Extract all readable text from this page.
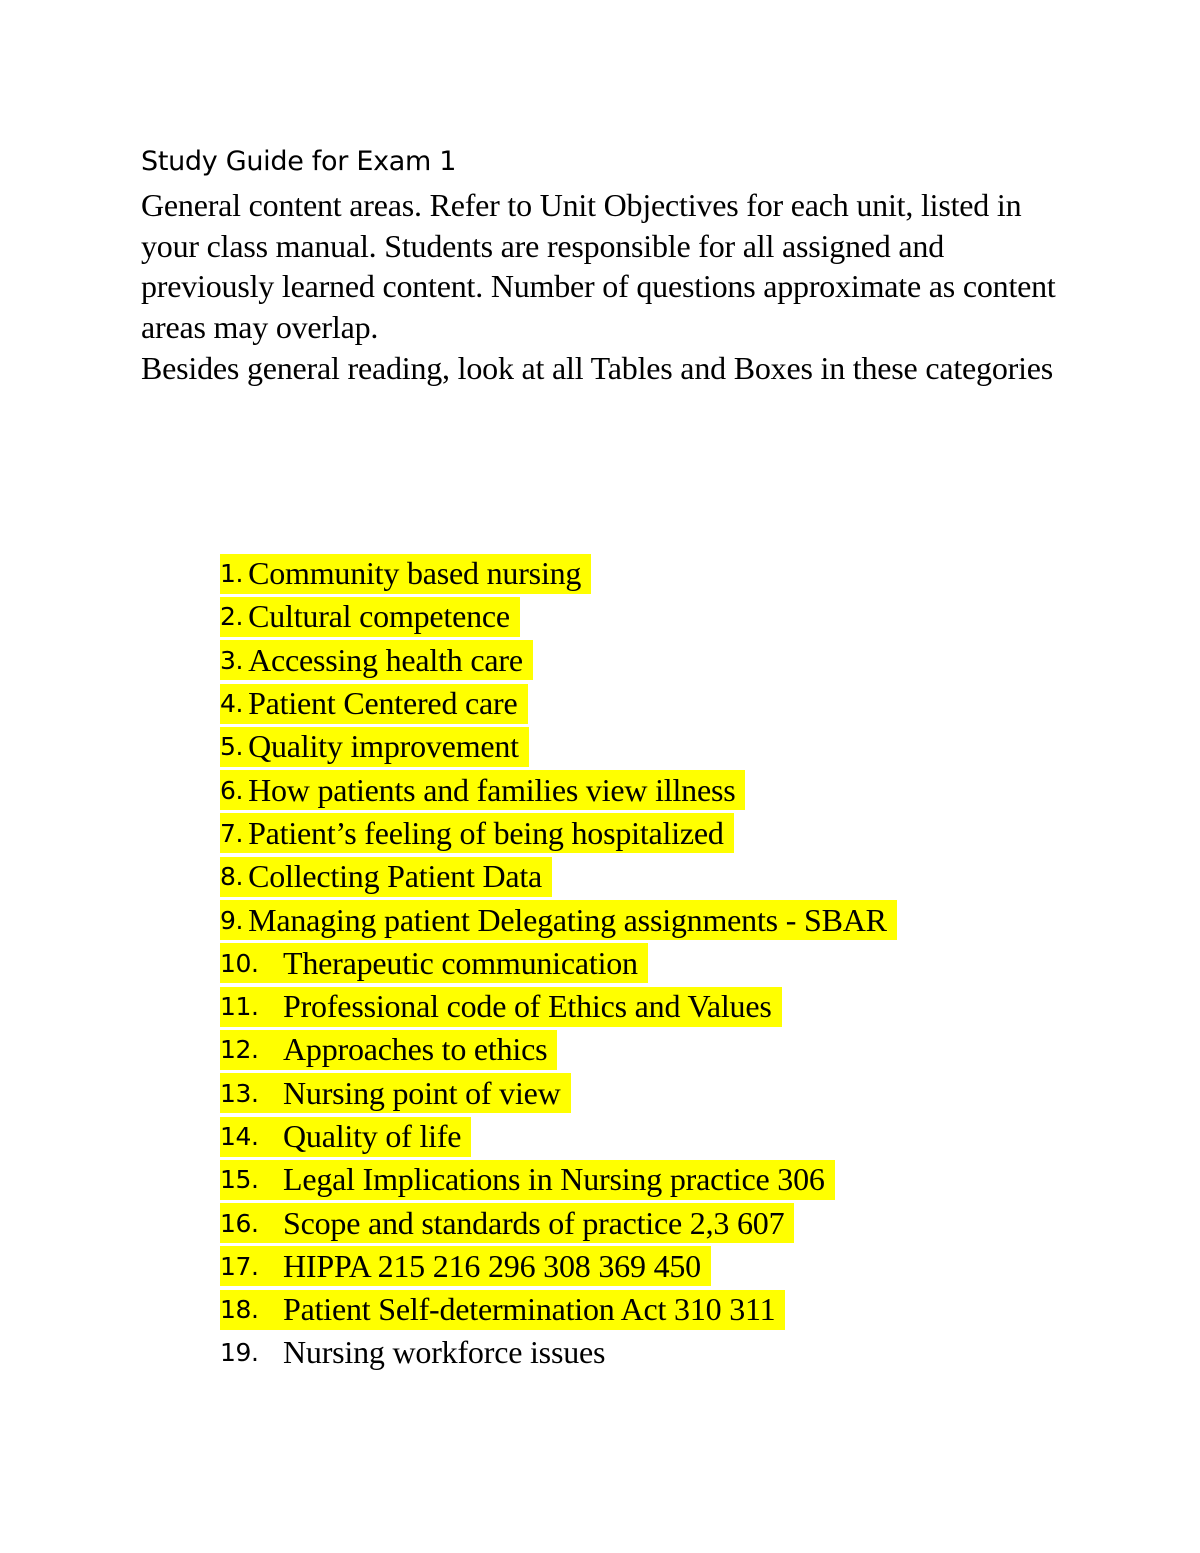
Study Guide for Exam 1

General content areas. Refer to Unit Objectives for each unit, listed in your class manual. Students are responsible for all assigned and previously learned content. Number of questions approximate as content areas may overlap.

Besides general reading, look at all Tables and Boxes in these categories

1. Community based nursing
2. Cultural competence
3. Accessing health care
4. Patient Centered care
5. Quality improvement
6. How patients and families view illness
7. Patient’s feeling of being hospitalized
8. Collecting Patient Data
9. Managing patient Delegating assignments - SBAR
10. Therapeutic communication
11. Professional code of Ethics and Values
12. Approaches to ethics
13. Nursing point of view
14. Quality of life
15. Legal Implications in Nursing practice 306
16. Scope and standards of practice 2,3 607
17. HIPPA 215 216 296 308 369 450
18. Patient Self-determination Act 310 311
19. Nursing workforce issues
